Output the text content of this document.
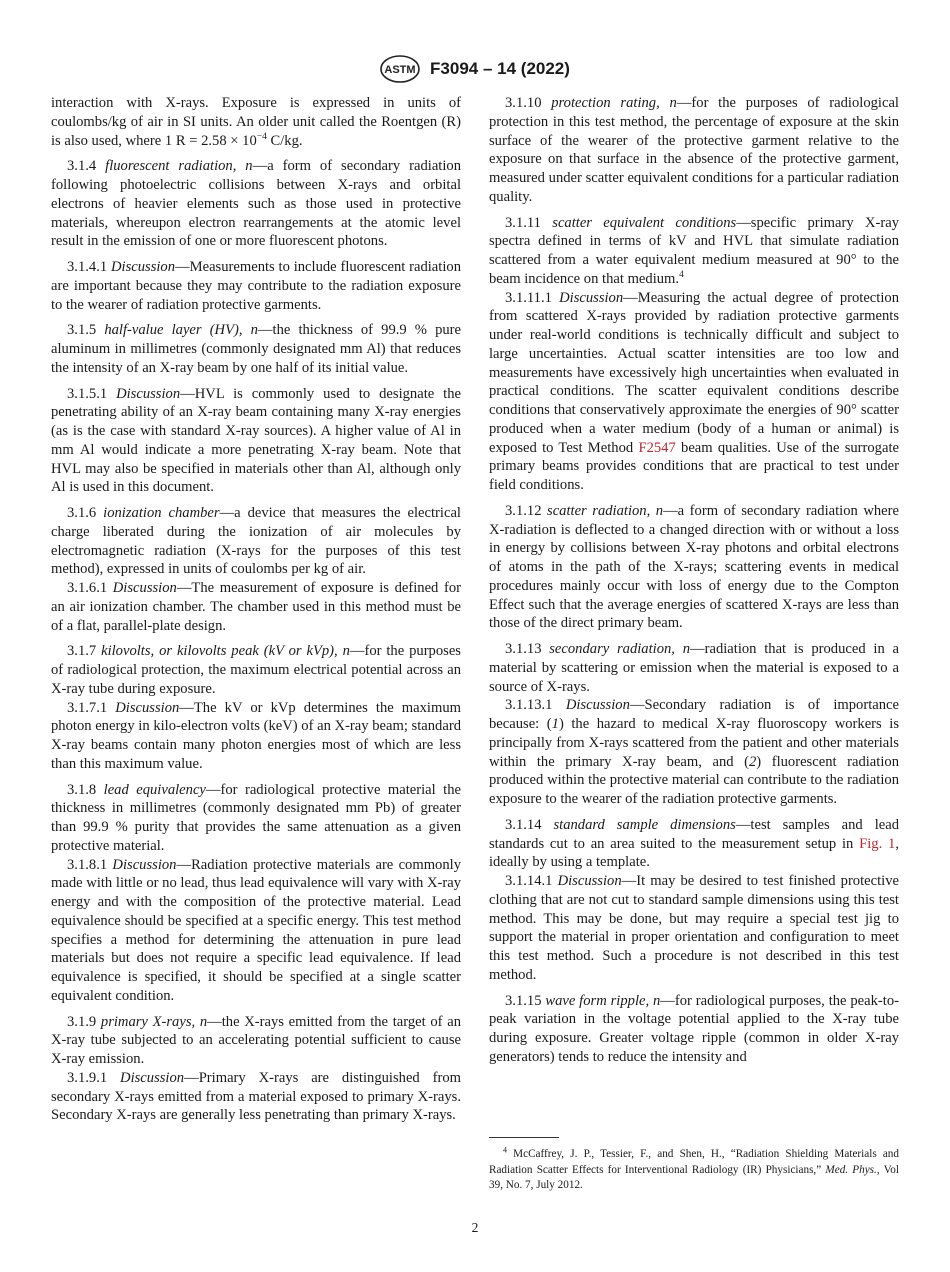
ASTM F3094 – 14 (2022)

interaction with X-rays. Exposure is expressed in units of coulombs/kg of air in SI units. An older unit called the Roentgen (R) is also used, where 1 $R = 2.58 \times 10^{-4}$ C/kg.

3.1.4 fluorescent radiation, n—a form of secondary radiation following photoelectric collisions between X-rays and orbital electrons of heavier elements such as those used in protective materials, whereupon electron rearrangements at the atomic level result in the emission of one or more fluorescent photons.

3.1.4.1 Discussion—Measurements to include fluorescent radiation are important because they may contribute to the radiation exposure to the wearer of radiation protective garments.

3.1.5 half-value layer (HV), n—the thickness of 99.9 % pure aluminum in millimetres (commonly designated mm Al) that reduces the intensity of an X-ray beam by one half of its initial value.

3.1.5.1 Discussion—HVL is commonly used to designate the penetrating ability of an X-ray beam containing many X-ray energies (as is the case with standard X-ray sources). A higher value of Al in mm Al would indicate a more penetrating X-ray beam. Note that HVL may also be specified in materials other than Al, although only Al is used in this document.

3.1.6 ionization chamber—a device that measures the electrical charge liberated during the ionization of air molecules by electromagnetic radiation (X-rays for the purposes of this test method), expressed in units of coulombs per kg of air.

3.1.6.1 Discussion—The measurement of exposure is defined for an air ionization chamber. The chamber used in this method must be of a flat, parallel-plate design.

3.1.7 kilovolts, or kilovolts peak (kV or kVp), n—for the purposes of radiological protection, the maximum electrical potential across an X-ray tube during exposure.

3.1.7.1 Discussion—The kV or kVp determines the maximum photon energy in kilo-electron volts (keV) of an X-ray beam; standard X-ray beams contain many photon energies most of which are less than this maximum value.

3.1.8 lead equivalency—for radiological protective material the thickness in millimetres (commonly designated mm Pb) of greater than 99.9 % purity that provides the same attenuation as a given protective material.

3.1.8.1 Discussion—Radiation protective materials are commonly made with little or no lead, thus lead equivalence will vary with X-ray energy and with the composition of the protective material. Lead equivalence should be specified at a specific energy. This test method specifies a method for determining the attenuation in pure lead materials but does not require a specific lead equivalence. If lead equivalence is specified, it should be specified at a single scatter equivalent condition.

3.1.9 primary X-rays, n—the X-rays emitted from the target of an X-ray tube subjected to an accelerating potential sufficient to cause X-ray emission.

3.1.9.1 Discussion—Primary X-rays are distinguished from secondary X-rays emitted from a material exposed to primary X-rays. Secondary X-rays are generally less penetrating than primary X-rays.

3.1.10 protection rating, n—for the purposes of radiological protection in this test method, the percentage of exposure at the skin surface of the wearer of the protective garment relative to the exposure on that surface in the absence of the protective garment, measured under scatter equivalent conditions for a particular radiation quality.

3.1.11 scatter equivalent conditions—specific primary X-ray spectra defined in terms of kV and HVL that simulate radiation scattered from a water equivalent medium measured at 90° to the beam incidence on that medium.$^4$

3.1.11.1 Discussion—Measuring the actual degree of protection from scattered X-rays provided by radiation protective garments under real-world conditions is technically difficult and subject to large uncertainties. Actual scatter intensities are too low and measurements have excessively high uncertainties when evaluated in practical conditions. The scatter equivalent conditions describe conditions that conservatively approximate the energies of 90° scatter produced when a water medium (body of a human or animal) is exposed to Test Method F2547 beam qualities. Use of the surrogate primary beams provides conditions that are practical to test under field conditions.

3.1.12 scatter radiation, n—a form of secondary radiation where X-radiation is deflected to a changed direction with or without a loss in energy by collisions between X-ray photons and orbital electrons of atoms in the path of the X-rays; scattering events in medical procedures mainly occur with loss of energy due to the Compton Effect such that the average energies of scattered X-rays are less than those of the direct primary beam.

3.1.13 secondary radiation, n—radiation that is produced in a material by scattering or emission when the material is exposed to a source of X-rays.

3.1.13.1 Discussion—Secondary radiation is of importance because: (1) the hazard to medical X-ray fluoroscopy workers is principally from X-rays scattered from the patient and other materials within the primary X-ray beam, and (2) fluorescent radiation produced within the protective material can contribute to the radiation exposure to the wearer of the radiation protective garments.

3.1.14 standard sample dimensions—test samples and lead standards cut to an area suited to the measurement setup in Fig. 1, ideally by using a template.

3.1.14.1 Discussion—It may be desired to test finished protective clothing that are not cut to standard sample dimensions using this test method. This may be done, but may require a special test jig to support the material in proper orientation and configuration to meet this test method. Such a procedure is not described in this test method.

3.1.15 wave form ripple, n—for radiological purposes, the peak-to-peak variation in the voltage potential applied to the X-ray tube during exposure. Greater voltage ripple (common in older X-ray generators) tends to reduce the intensity and

$^4$ McCaffrey, J. P., Tessier, F., and Shen, H., “Radiation Shielding Materials and Radiation Scatter Effects for Interventional Radiology (IR) Physicians,” Med. Phys., Vol 39, No. 7, July 2012.
2
